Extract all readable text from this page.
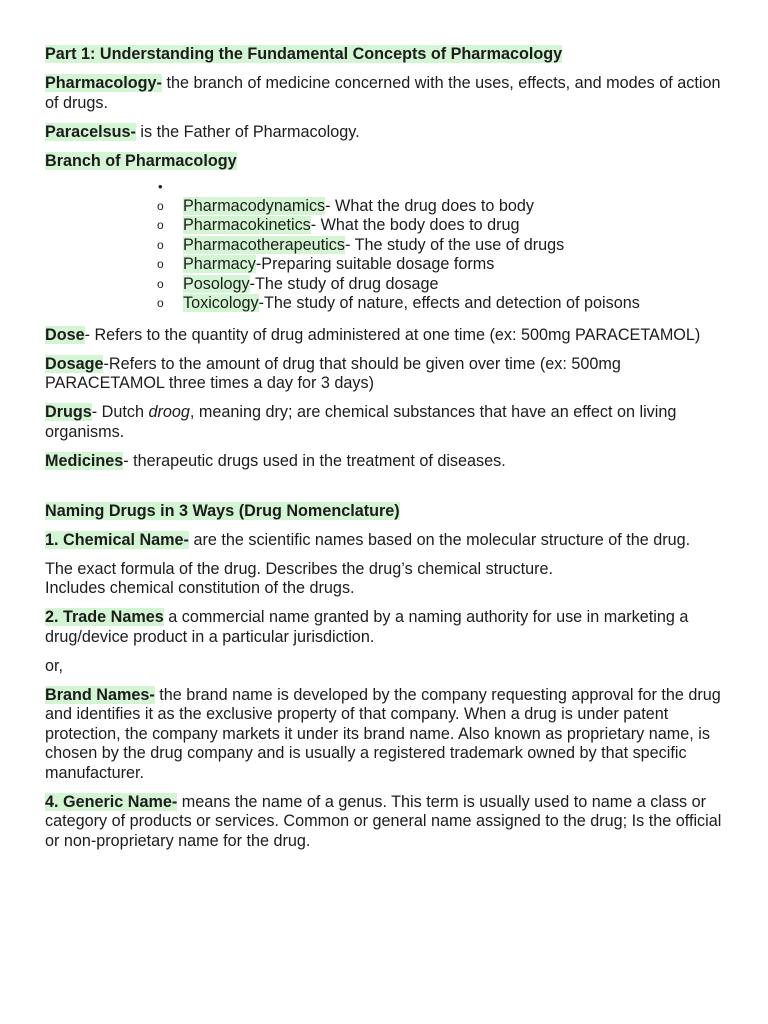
Part 1: Understanding the Fundamental Concepts of Pharmacology

Pharmacology- the branch of medicine concerned with the uses, effects, and modes of action of drugs.

Paracelsus- is the Father of Pharmacology.

Branch of Pharmacology

•
o	Pharmacodynamics- What the drug does to body
o	Pharmacokinetics- What the body does to drug
o	Pharmacotherapeutics- The study of the use of drugs
o	Pharmacy-Preparing suitable dosage forms
o	Posology-The study of drug dosage
o	Toxicology-The study of nature, effects and detection of poisons

Dose- Refers to the quantity of drug administered at one time (ex: 500mg PARACETAMOL)

Dosage-Refers to the amount of drug that should be given over time (ex: 500mg PARACETAMOL three times a day for 3 days)

Drugs- Dutch droog, meaning dry; are chemical substances that have an effect on living organisms.

Medicines- therapeutic drugs used in the treatment of diseases.

Naming Drugs in 3 Ways (Drug Nomenclature)

1. Chemical Name- are the scientific names based on the molecular structure of the drug.

The exact formula of the drug. Describes the drug’s chemical structure. Includes chemical constitution of the drugs.

2. Trade Names a commercial name granted by a naming authority for use in marketing a drug/device product in a particular jurisdiction.

or,

Brand Names- the brand name is developed by the company requesting approval for the drug and identifies it as the exclusive property of that company. When a drug is under patent protection, the company markets it under its brand name. Also known as proprietary name, is chosen by the drug company and is usually a registered trademark owned by that specific manufacturer.

4. Generic Name- means the name of a genus. This term is usually used to name a class or category of products or services. Common or general name assigned to the drug; Is the official or non-proprietary name for the drug.
